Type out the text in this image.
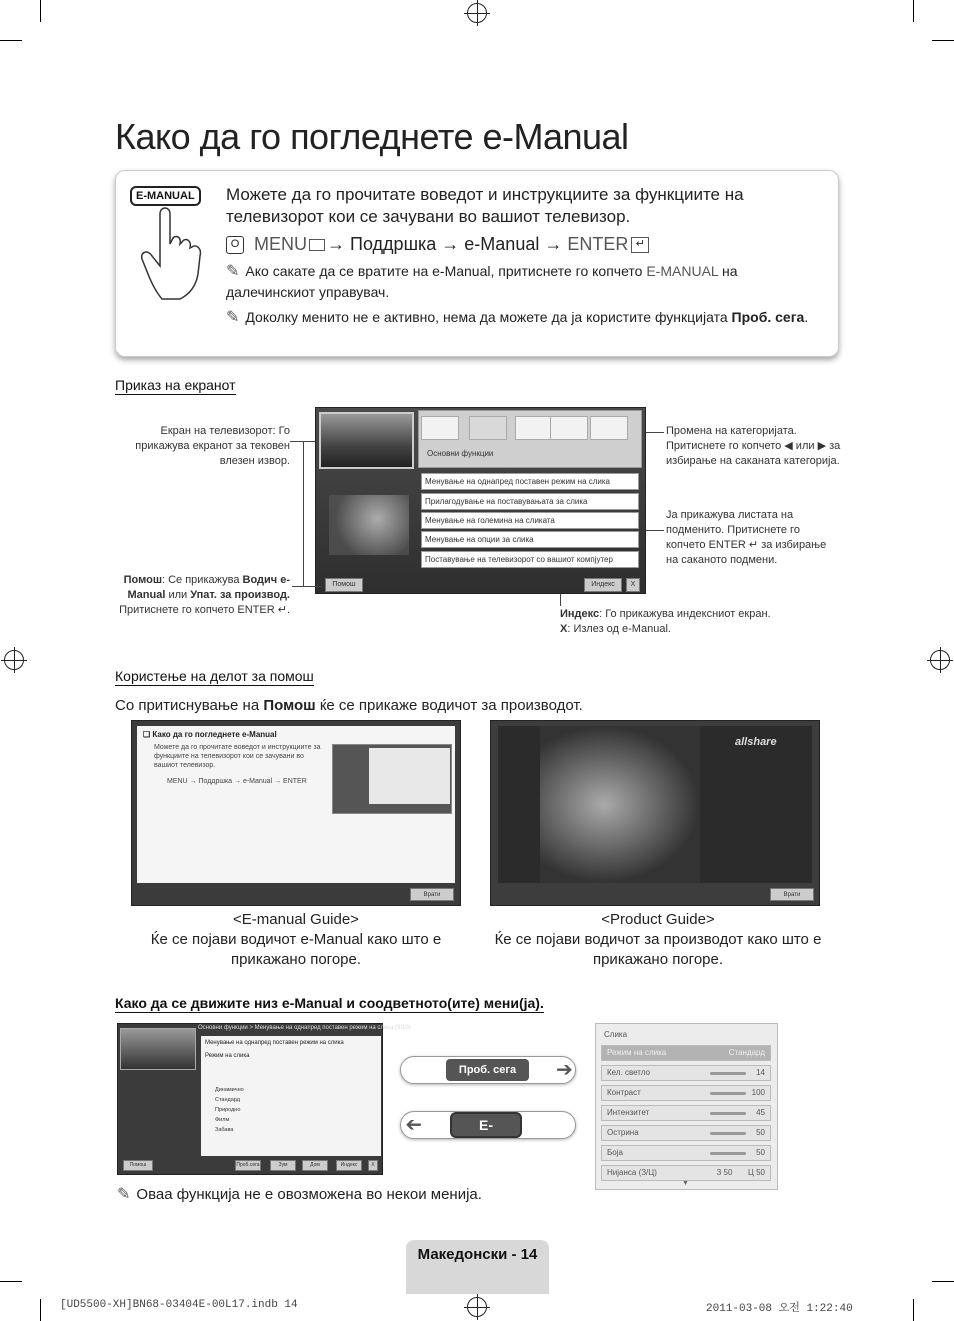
Како да го погледнете e-Manual
E-MANUAL	Можете да го прочитате воведот и инструкциите за функциите на телевизорот кои се зачувани во вашиот телевизор.

O MENU → Поддршка → e-Manual → ENTER ↵
✎ Ако сакате да се вратите на e-Manual, притиснете го копчето E-MANUAL на далечинскиот управувач.
✎ Доколку менито не е активно, нема да можете да ја користите функцијата Проб. сега.
Приказ на екранот
Екран на телевизорот: Го прикажува екранот за тековен влезен извор.
Помош: Се прикажува Водич e-Manual или Упат. за производ. Притиснете го копчето ENTER ↵.
Промена на категоријата. Притиснете го копчето ◀ или ▶ за избирање на саканата категорија.
Ја прикажува листата на подменито. Притиснете го копчето ENTER ↵ за избирање на саканото подмени.
Индекс: Го прикажува индексниот екран.
X: Излез од e-Manual.
Основни функции
Менување на однапред поставен режим на слика
Прилагодување на поставувањата за слика
Менување на големина на сликата
Менување на опции за слика
Поставување на телевизорот со вашиот компјутер
Помош	Индекс	X
Користење на делот за помош
Со притиснување на Помош ќе се прикаже водичот за производот.
❑ Како да го погледнете e-Manual
Можете да го прочитате воведот и инструкциите за функциите на телевизорот кои се зачувани во вашиот телевизор.
MENU → Поддршка → e-Manual → ENTER
Врати
allshare
Врати
<E-manual Guide>
Ќе се појави водичот e-Manual како што е прикажано погоре.
<Product Guide>
Ќе се појави водичот за производот како што е прикажано погоре.
Како да се движите низ e-Manual и соодветното(ите) мени(ја).
Основни функции > Менување на однапред поставен режим на слика (9/10)
Менување на однапред поставен режим на слика
Режим на слика
Динамично
Стандард
Природно
Филм
Забава
Помош	Проб.сега	Зум	Дом	Индекс	X
Проб. сега	➔
➔	E-MANUAL
Слика
Режим на слика	Стандард
Кел. светло	14
Контраст	100
Интензитет	45
Острина	50
Боја	50
Нијанса (З/Ц)	З 50       Ц 50
▼
✎ Оваа функција не е овозможена во некои менија.
Македонски - 14
[UD5500-XH]BN68-03404E-00L17.indb 14	2011-03-08 오전 1:22:40
